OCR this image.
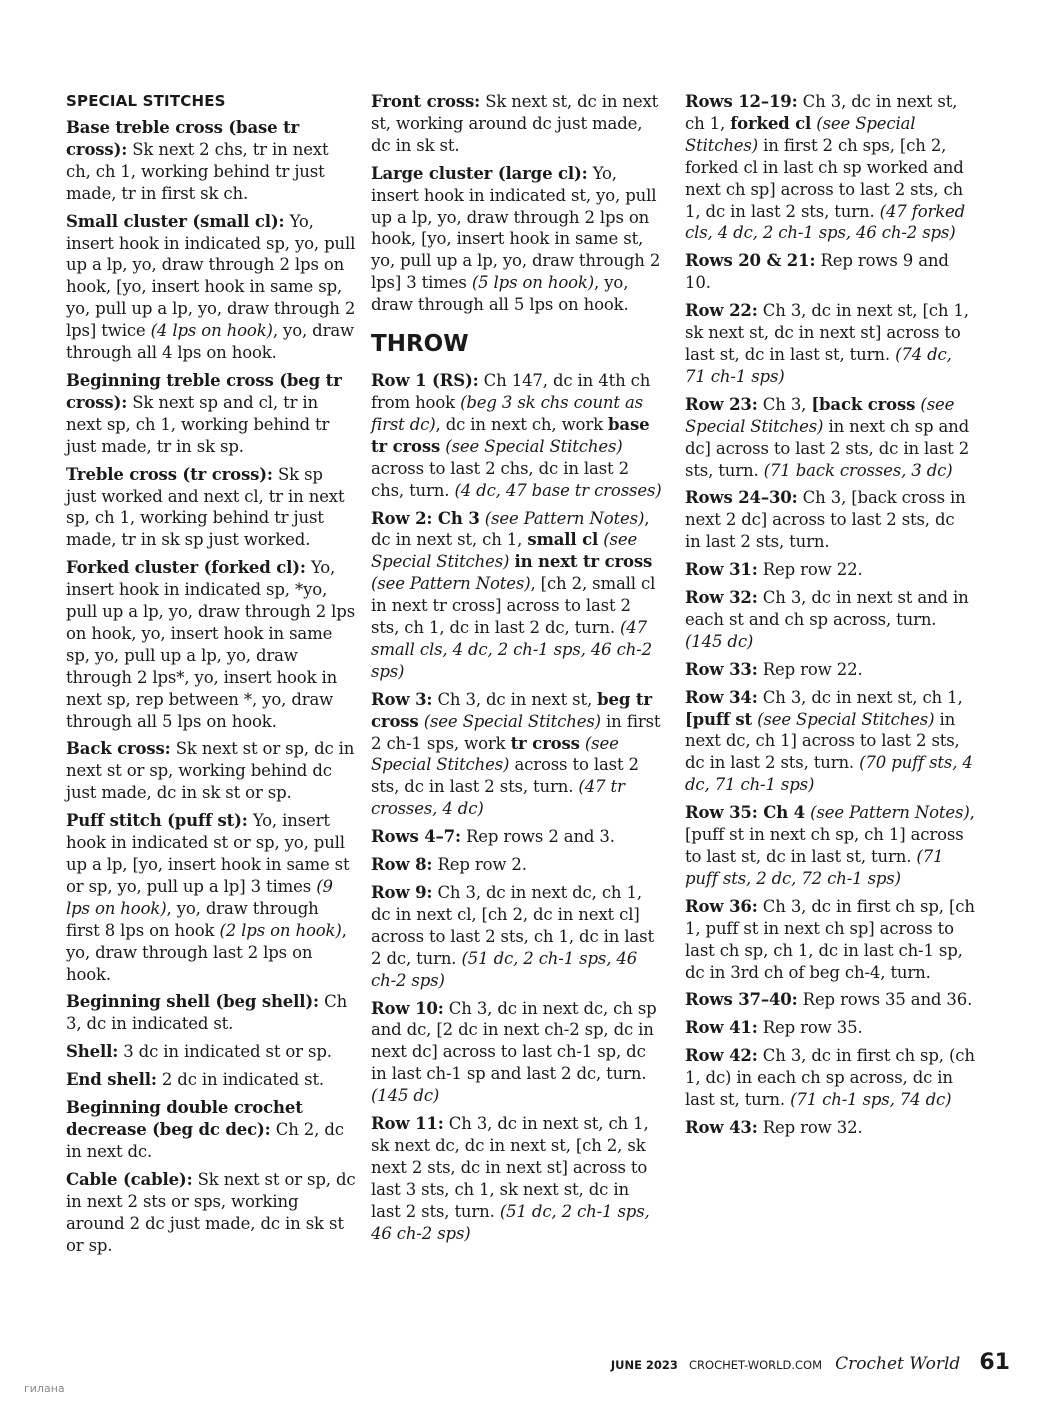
SPECIAL STITCHES

Base treble cross (base tr cross): Sk next 2 chs, tr in next ch, ch 1, working behind tr just made, tr in first sk ch.

Small cluster (small cl): Yo, insert hook in indicated sp, yo, pull up a lp, yo, draw through 2 lps on hook, [yo, insert hook in same sp, yo, pull up a lp, yo, draw through 2 lps] twice (4 lps on hook), yo, draw through all 4 lps on hook.

Beginning treble cross (beg tr cross): Sk next sp and cl, tr in next sp, ch 1, working behind tr just made, tr in sk sp.

Treble cross (tr cross): Sk sp just worked and next cl, tr in next sp, ch 1, working behind tr just made, tr in sk sp just worked.

Forked cluster (forked cl): Yo, insert hook in indicated sp, *yo, pull up a lp, yo, draw through 2 lps on hook, yo, insert hook in same sp, yo, pull up a lp, yo, draw through 2 lps*, yo, insert hook in next sp, rep between *, yo, draw through all 5 lps on hook.

Back cross: Sk next st or sp, dc in next st or sp, working behind dc just made, dc in sk st or sp.

Puff stitch (puff st): Yo, insert hook in indicated st or sp, yo, pull up a lp, [yo, insert hook in same st or sp, yo, pull up a lp] 3 times (9 lps on hook), yo, draw through first 8 lps on hook (2 lps on hook), yo, draw through last 2 lps on hook.

Beginning shell (beg shell): Ch 3, dc in indicated st.

Shell: 3 dc in indicated st or sp.

End shell: 2 dc in indicated st.

Beginning double crochet decrease (beg dc dec): Ch 2, dc in next dc.

Cable (cable): Sk next st or sp, dc in next 2 sts or sps, working around 2 dc just made, dc in sk st or sp.

Front cross: Sk next st, dc in next st, working around dc just made, dc in sk st.

Large cluster (large cl): Yo, insert hook in indicated st, yo, pull up a lp, yo, draw through 2 lps on hook, [yo, insert hook in same st, yo, pull up a lp, yo, draw through 2 lps] 3 times (5 lps on hook), yo, draw through all 5 lps on hook.

THROW

Row 1 (RS): Ch 147, dc in 4th ch from hook (beg 3 sk chs count as first dc), dc in next ch, work base tr cross (see Special Stitches) across to last 2 chs, dc in last 2 chs, turn. (4 dc, 47 base tr crosses)

Row 2: Ch 3 (see Pattern Notes), dc in next st, ch 1, small cl (see Special Stitches) in next tr cross (see Pattern Notes), [ch 2, small cl in next tr cross] across to last 2 sts, ch 1, dc in last 2 dc, turn. (47 small cls, 4 dc, 2 ch-1 sps, 46 ch-2 sps)

Row 3: Ch 3, dc in next st, beg tr cross (see Special Stitches) in first 2 ch-1 sps, work tr cross (see Special Stitches) across to last 2 sts, dc in last 2 sts, turn. (47 tr crosses, 4 dc)

Rows 4–7: Rep rows 2 and 3.

Row 8: Rep row 2.

Row 9: Ch 3, dc in next dc, ch 1, dc in next cl, [ch 2, dc in next cl] across to last 2 sts, ch 1, dc in last 2 dc, turn. (51 dc, 2 ch-1 sps, 46 ch-2 sps)

Row 10: Ch 3, dc in next dc, ch sp and dc, [2 dc in next ch-2 sp, dc in next dc] across to last ch-1 sp, dc in last ch-1 sp and last 2 dc, turn. (145 dc)

Row 11: Ch 3, dc in next st, ch 1, sk next dc, dc in next st, [ch 2, sk next 2 sts, dc in next st] across to last 3 sts, ch 1, sk next st, dc in last 2 sts, turn. (51 dc, 2 ch-1 sps, 46 ch-2 sps)

Rows 12–19: Ch 3, dc in next st, ch 1, forked cl (see Special Stitches) in first 2 ch sps, [ch 2, forked cl in last ch sp worked and next ch sp] across to last 2 sts, ch 1, dc in last 2 sts, turn. (47 forked cls, 4 dc, 2 ch-1 sps, 46 ch-2 sps)

Rows 20 & 21: Rep rows 9 and 10.

Row 22: Ch 3, dc in next st, [ch 1, sk next st, dc in next st] across to last st, dc in last st, turn. (74 dc, 71 ch-1 sps)

Row 23: Ch 3, [back cross (see Special Stitches) in next ch sp and dc] across to last 2 sts, dc in last 2 sts, turn. (71 back crosses, 3 dc)

Rows 24–30: Ch 3, [back cross in next 2 dc] across to last 2 sts, dc in last 2 sts, turn.

Row 31: Rep row 22.

Row 32: Ch 3, dc in next st and in each st and ch sp across, turn. (145 dc)

Row 33: Rep row 22.

Row 34: Ch 3, dc in next st, ch 1, [puff st (see Special Stitches) in next dc, ch 1] across to last 2 sts, dc in last 2 sts, turn. (70 puff sts, 4 dc, 71 ch-1 sps)

Row 35: Ch 4 (see Pattern Notes), [puff st in next ch sp, ch 1] across to last st, dc in last st, turn. (71 puff sts, 2 dc, 72 ch-1 sps)

Row 36: Ch 3, dc in first ch sp, [ch 1, puff st in next ch sp] across to last ch sp, ch 1, dc in last ch-1 sp, dc in 3rd ch of beg ch-4, turn.

Rows 37–40: Rep rows 35 and 36.

Row 41: Rep row 35.

Row 42: Ch 3, dc in first ch sp, (ch 1, dc) in each ch sp across, dc in last st, turn. (71 ch-1 sps, 74 dc)

Row 43: Rep row 32.

JUNE 2023 CROCHET-WORLD.COM Crochet World 61
гилана
